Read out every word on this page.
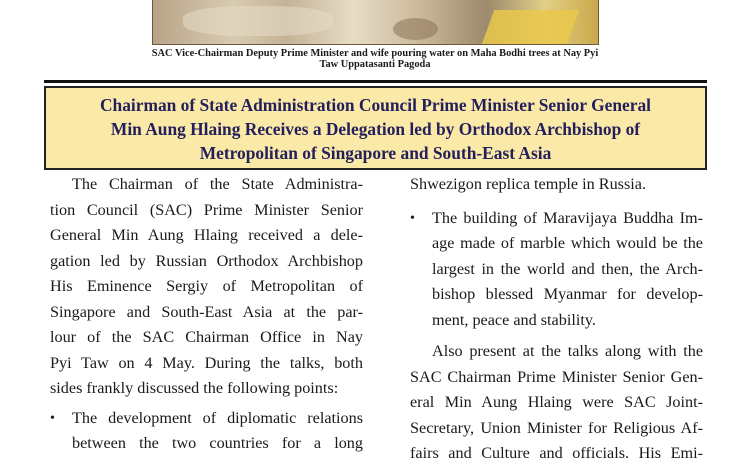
SAC Vice-Chairman Deputy Prime Minister and wife pouring water on Maha Bodhi trees at Nay Pyi
Taw Uppatasanti Pagoda
Chairman of State Administration Council Prime Minister Senior General
Min Aung Hlaing Receives a Delegation led by Orthodox Archbishop of
Metropolitan of Singapore and South-East Asia

The Chairman of the State Administra-
tion Council (SAC) Prime Minister Senior
General Min Aung Hlaing received a dele-
gation led by Russian Orthodox Archbishop
His Eminence Sergiy of Metropolitan of
Singapore and South-East Asia at the par-
lour of the SAC Chairman Office in Nay
Pyi Taw on 4 May. During the talks, both
sides frankly discussed the following points:

• The development of diplomatic relations
between the two countries for a long
Shwezigon replica temple in Russia.
• The building of Maravijaya Buddha Im-
age made of marble which would be the
largest in the world and then, the Arch-
bishop blessed Myanmar for develop-
ment, peace and stability.

Also present at the talks along with the
SAC Chairman Prime Minister Senior Gen-
eral Min Aung Hlaing were SAC Joint-
Secretary, Union Minister for Religious Af-
fairs and Culture and officials. His Emi-
